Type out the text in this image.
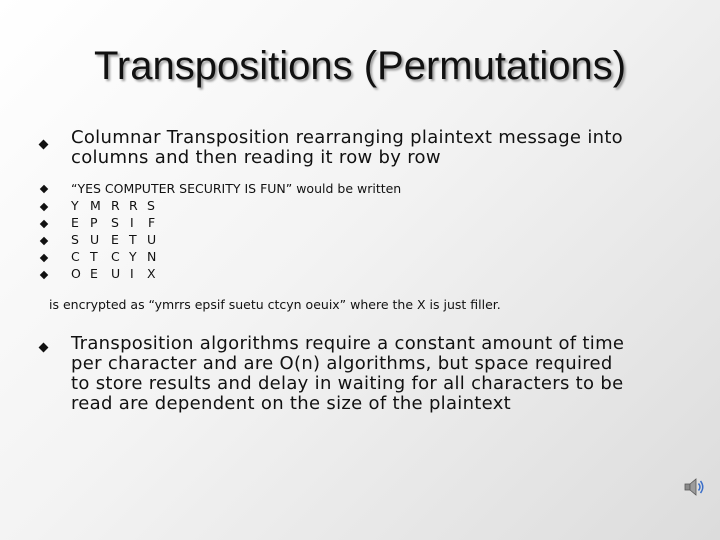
Transpositions (Permutations)
Columnar Transposition rearranging plaintext message into
columns and then reading it row by row
“YES COMPUTER SECURITY IS FUN” would be written
Y M R R S
E P S I F
S U E T U
C T C Y N
O E U I X
is encrypted as “ymrrs epsif suetu ctcyn oeuix” where the X is just filler.
Transposition algorithms require a constant amount of time
per character and are O(n) algorithms, but space required
to store results and delay in waiting for all characters to be
read are dependent on the size of the plaintext
